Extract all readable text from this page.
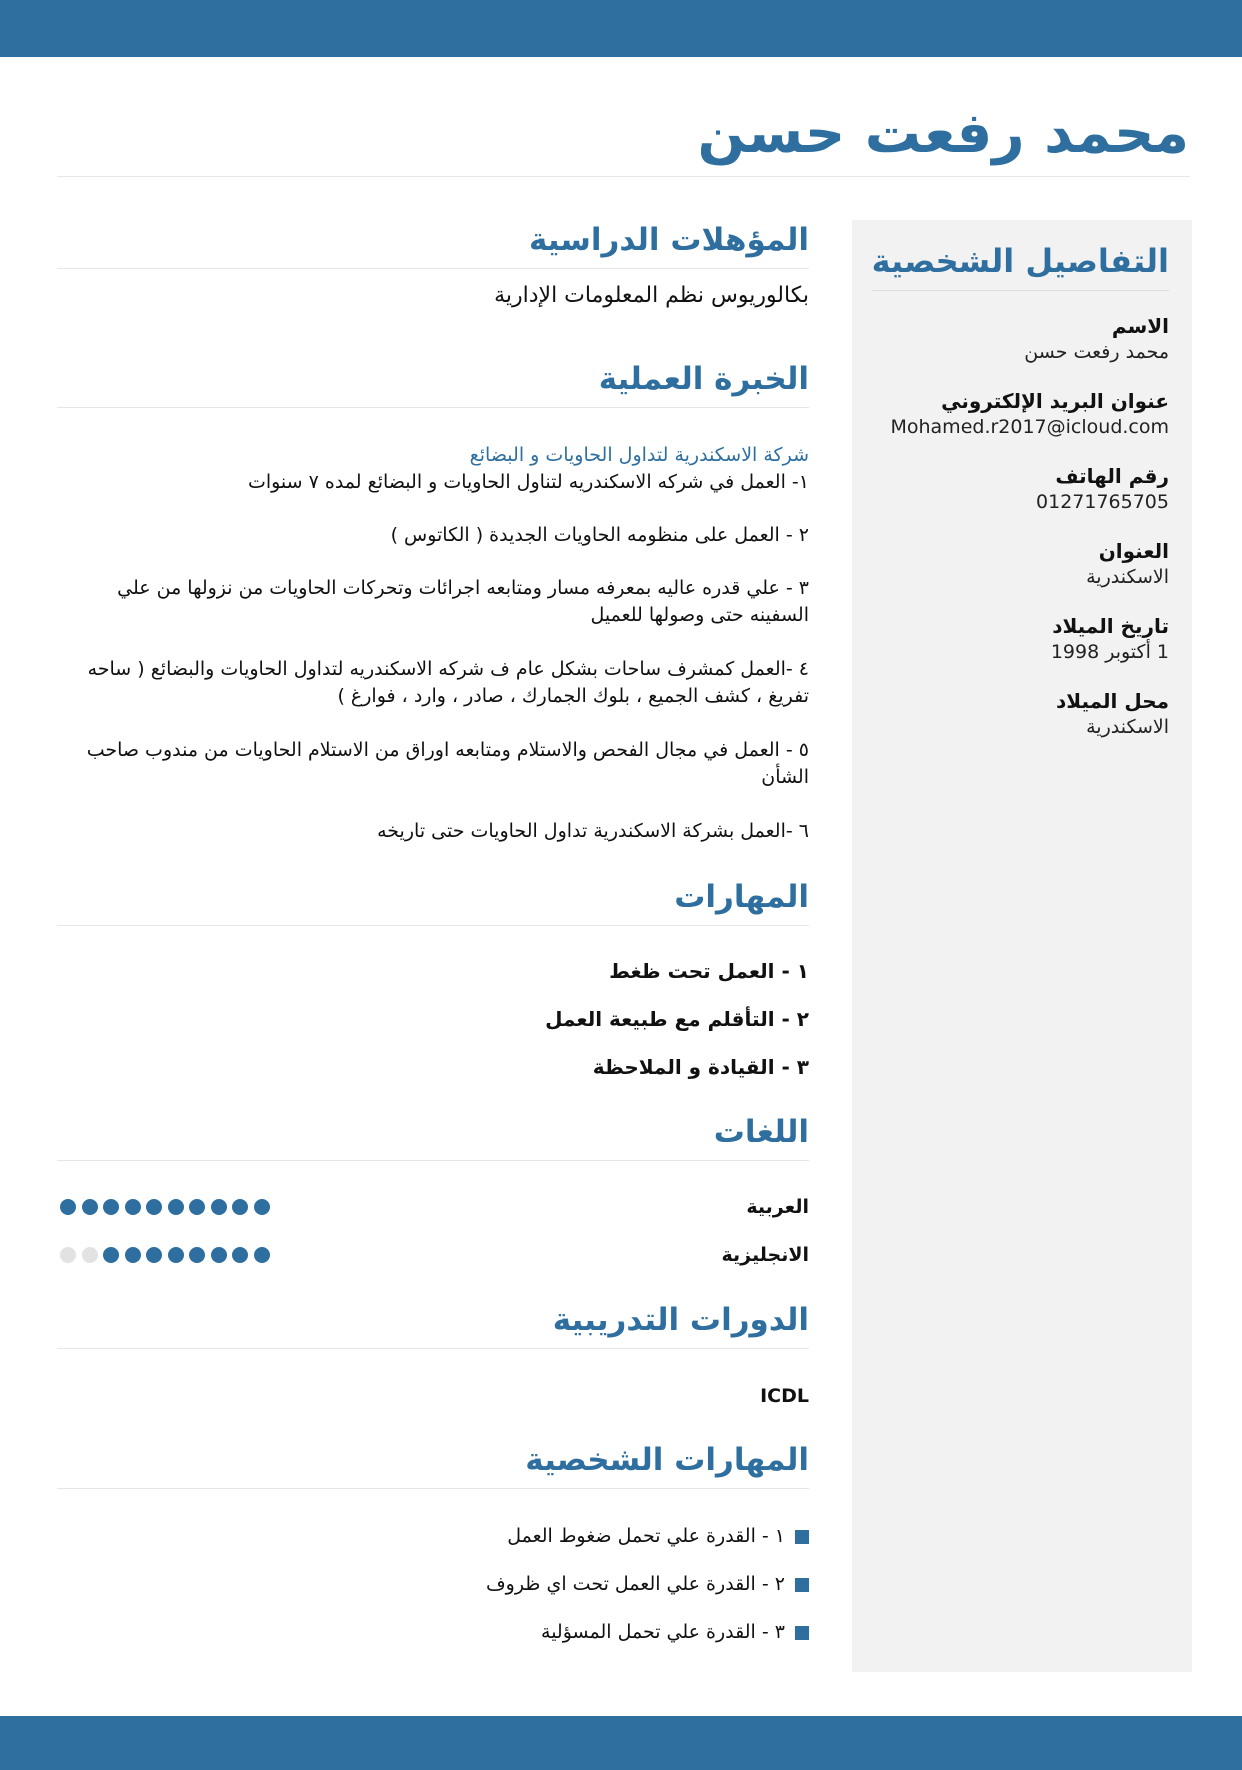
محمد رفعت حسن
التفاصيل الشخصية
الاسم
محمد رفعت حسن
عنوان البريد الإلكتروني
Mohamed.r2017@icloud.com
رقم الهاتف
01271765705
العنوان
الاسكندرية
تاريخ الميلاد
1 أكتوبر 1998
محل الميلاد
الاسكندرية
المؤهلات الدراسية
بكالوريوس نظم المعلومات الإدارية
الخبرة العملية
شركة الاسكندرية لتداول الحاويات و البضائع
١- العمل في شركه الاسكندريه لتناول الحاويات و البضائع لمده ٧ سنوات
٢ - العمل على منظومه الحاويات الجديدة ( الكاتوس )
٣ - علي قدره عاليه بمعرفه مسار ومتابعه اجرائات وتحركات الحاويات من نزولها من علي السفينه حتى وصولها للعميل
٤ -العمل كمشرف ساحات بشكل عام ف شركه الاسكندريه لتداول الحاويات والبضائع ( ساحه تفريغ ، كشف الجميع ، بلوك الجمارك ، صادر ، وارد ، فوارغ )
٥ - العمل في مجال الفحص والاستلام ومتابعه اوراق من الاستلام الحاويات من مندوب صاحب الشأن
٦ -العمل بشركة الاسكندرية تداول الحاويات حتى تاريخه
المهارات
١ - العمل تحت ظغط
٢ - التأقلم مع طبيعة العمل
٣ - القيادة و الملاحظة
اللغات
العربية
الانجليزية
الدورات التدريبية
ICDL
المهارات الشخصية
١ - القدرة علي تحمل ضغوط العمل
٢ - القدرة علي العمل تحت اي ظروف
٣ - القدرة علي تحمل المسؤلية
